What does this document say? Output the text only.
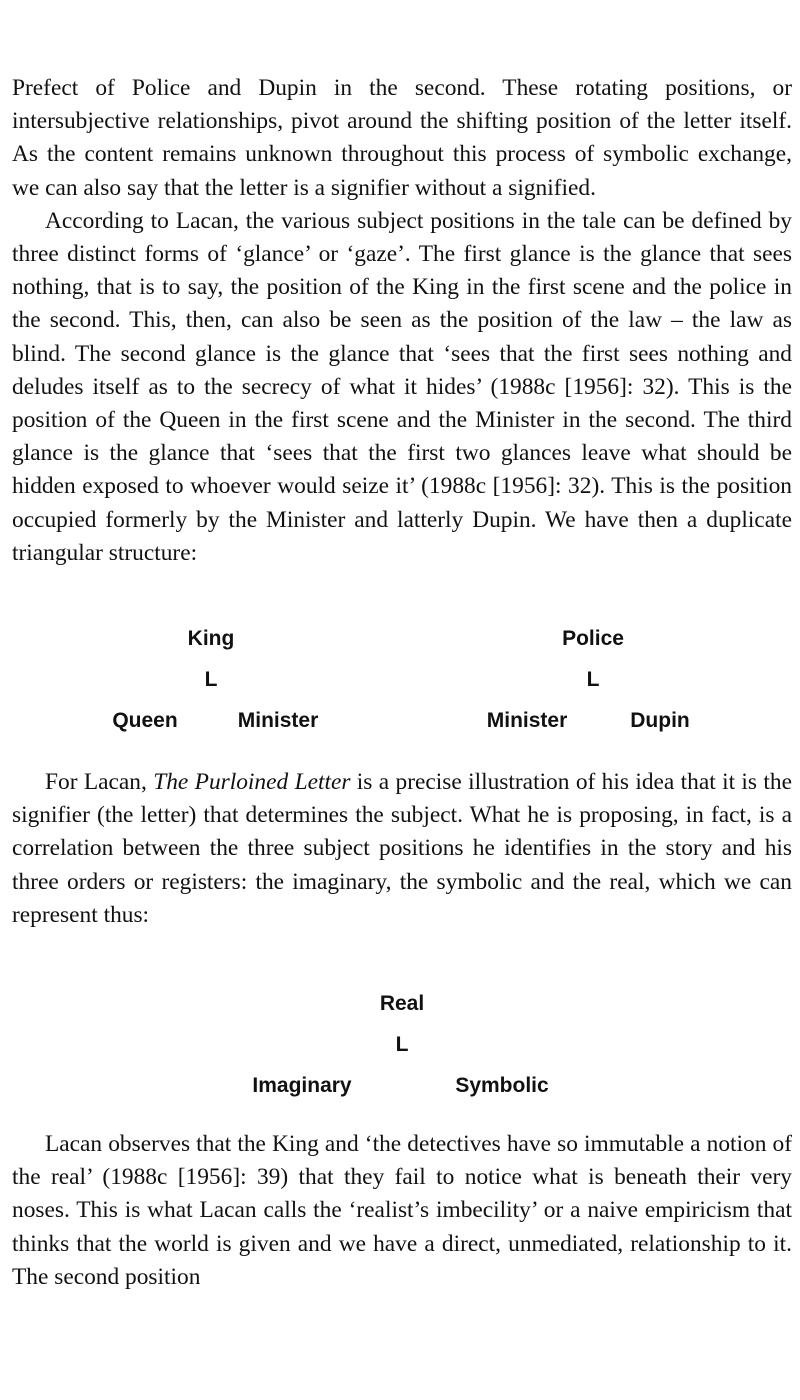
Prefect of Police and Dupin in the second. These rotating positions, or intersubjective relationships, pivot around the shifting position of the letter itself. As the content remains unknown throughout this process of symbolic exchange, we can also say that the letter is a signifier without a signified.

According to Lacan, the various subject positions in the tale can be defined by three distinct forms of ‘glance’ or ‘gaze’. The first glance is the glance that sees nothing, that is to say, the position of the King in the first scene and the police in the second. This, then, can also be seen as the position of the law – the law as blind. The second glance is the glance that ‘sees that the first sees nothing and deludes itself as to the secrecy of what it hides’ (1988c [1956]: 32). This is the position of the Queen in the first scene and the Minister in the second. The third glance is the glance that ‘sees that the first two glances leave what should be hidden exposed to whoever would seize it’ (1988c [1956]: 32). This is the position occupied formerly by the Minister and latterly Dupin. We have then a duplicate triangular structure:

King
L
Queen	Minister
Police
L
Minister	Dupin

For Lacan, The Purloined Letter is a precise illustration of his idea that it is the signifier (the letter) that determines the subject. What he is proposing, in fact, is a correlation between the three subject positions he identifies in the story and his three orders or registers: the imaginary, the symbolic and the real, which we can represent thus:

Real
L
Imaginary	Symbolic

Lacan observes that the King and ‘the detectives have so immutable a notion of the real’ (1988c [1956]: 39) that they fail to notice what is beneath their very noses. This is what Lacan calls the ‘realist’s imbecility’ or a naive empiricism that thinks that the world is given and we have a direct, unmediated, relationship to it. The second position
